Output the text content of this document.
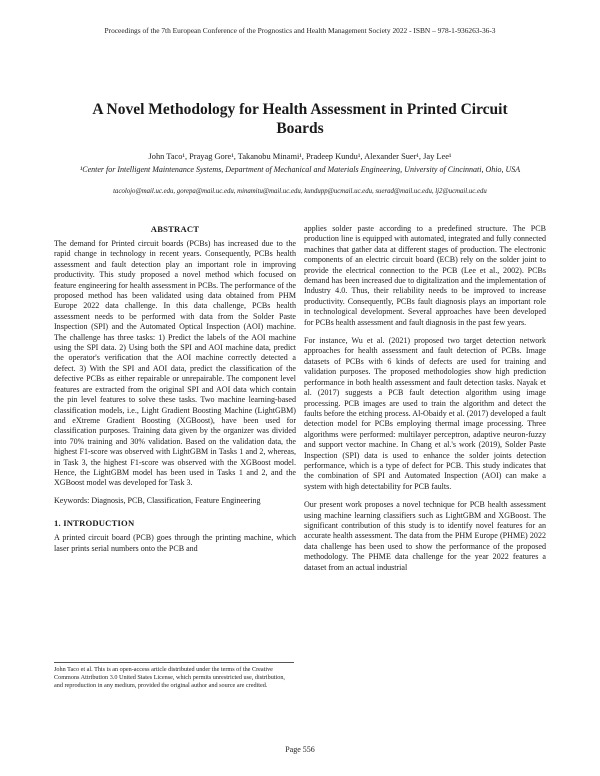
Proceedings of the 7th European Conference of the Prognostics and Health Management Society 2022 - ISBN – 978-1-936263-36-3
A Novel Methodology for Health Assessment in Printed Circuit Boards
John Taco¹, Prayag Gore¹, Takanobu Minami¹, Pradeep Kundu¹, Alexander Suer¹, Jay Lee¹
¹Center for Intelligent Maintenance Systems, Department of Mechanical and Materials Engineering, University of Cincinnati, Ohio, USA
tacolojo@mail.uc.edu, gorepa@mail.uc.edu, minamitu@mail.uc.edu, kundupp@ucmail.uc.edu, suerad@mail.uc.edu, lj2@ucmail.uc.edu
ABSTRACT

The demand for Printed circuit boards (PCBs) has increased due to the rapid change in technology in recent years. Consequently, PCBs health assessment and fault detection play an important role in improving productivity. This study proposed a novel method which focused on feature engineering for health assessment in PCBs. The performance of the proposed method has been validated using data obtained from PHM Europe 2022 data challenge. In this data challenge, PCBs health assessment needs to be performed with data from the Solder Paste Inspection (SPI) and the Automated Optical Inspection (AOI) machine. The challenge has three tasks: 1) Predict the labels of the AOI machine using the SPI data. 2) Using both the SPI and AOI machine data, predict the operator's verification that the AOI machine correctly detected a defect. 3) With the SPI and AOI data, predict the classification of the defective PCBs as either repairable or unrepairable. The component level features are extracted from the original SPI and AOI data which contain the pin level features to solve these tasks. Two machine learning-based classification models, i.e., Light Gradient Boosting Machine (LightGBM) and eXtreme Gradient Boosting (XGBoost), have been used for classification purposes. Training data given by the organizer was divided into 70% training and 30% validation. Based on the validation data, the highest F1-score was observed with LightGBM in Tasks 1 and 2, whereas, in Task 3, the highest F1-score was observed with the XGBoost model. Hence, the LightGBM model has been used in Tasks 1 and 2, and the XGBoost model was developed for Task 3.

Keywords: Diagnosis, PCB, Classification, Feature Engineering

1. INTRODUCTION

A printed circuit board (PCB) goes through the printing machine, which laser prints serial numbers onto the PCB and

applies solder paste according to a predefined structure. The PCB production line is equipped with automated, integrated and fully connected machines that gather data at different stages of production. The electronic components of an electric circuit board (ECB) rely on the solder joint to provide the electrical connection to the PCB (Lee et al., 2002). PCBs demand has been increased due to digitalization and the implementation of Industry 4.0. Thus, their reliability needs to be improved to increase productivity. Consequently, PCBs fault diagnosis plays an important role in technological development. Several approaches have been developed for PCBs health assessment and fault diagnosis in the past few years.

For instance, Wu et al. (2021) proposed two target detection network approaches for health assessment and fault detection of PCBs. Image datasets of PCBs with 6 kinds of defects are used for training and validation purposes. The proposed methodologies show high prediction performance in both health assessment and fault detection tasks. Nayak et al. (2017) suggests a PCB fault detection algorithm using image processing. PCB images are used to train the algorithm and detect the faults before the etching process. Al-Obaidy et al. (2017) developed a fault detection model for PCBs employing thermal image processing. Three algorithms were performed: multilayer perceptron, adaptive neuron-fuzzy and support vector machine. In Chang et al.'s work (2019), Solder Paste Inspection (SPI) data is used to enhance the solder joints detection performance, which is a type of defect for PCB. This study indicates that the combination of SPI and Automated Inspection (AOI) can make a system with high detectability for PCB faults.

Our present work proposes a novel technique for PCB health assessment using machine learning classifiers such as LightGBM and XGBoost. The significant contribution of this study is to identify novel features for an accurate health assessment. The data from the PHM Europe (PHME) 2022 data challenge has been used to show the performance of the proposed methodology. The PHME data challenge for the year 2022 features a dataset from an actual industrial

John Taco et al. This is an open-access article distributed under the terms of the Creative Commons Attribution 3.0 United States License, which permits unrestricted use, distribution, and reproduction in any medium, provided the original author and source are credited.
Page 556
